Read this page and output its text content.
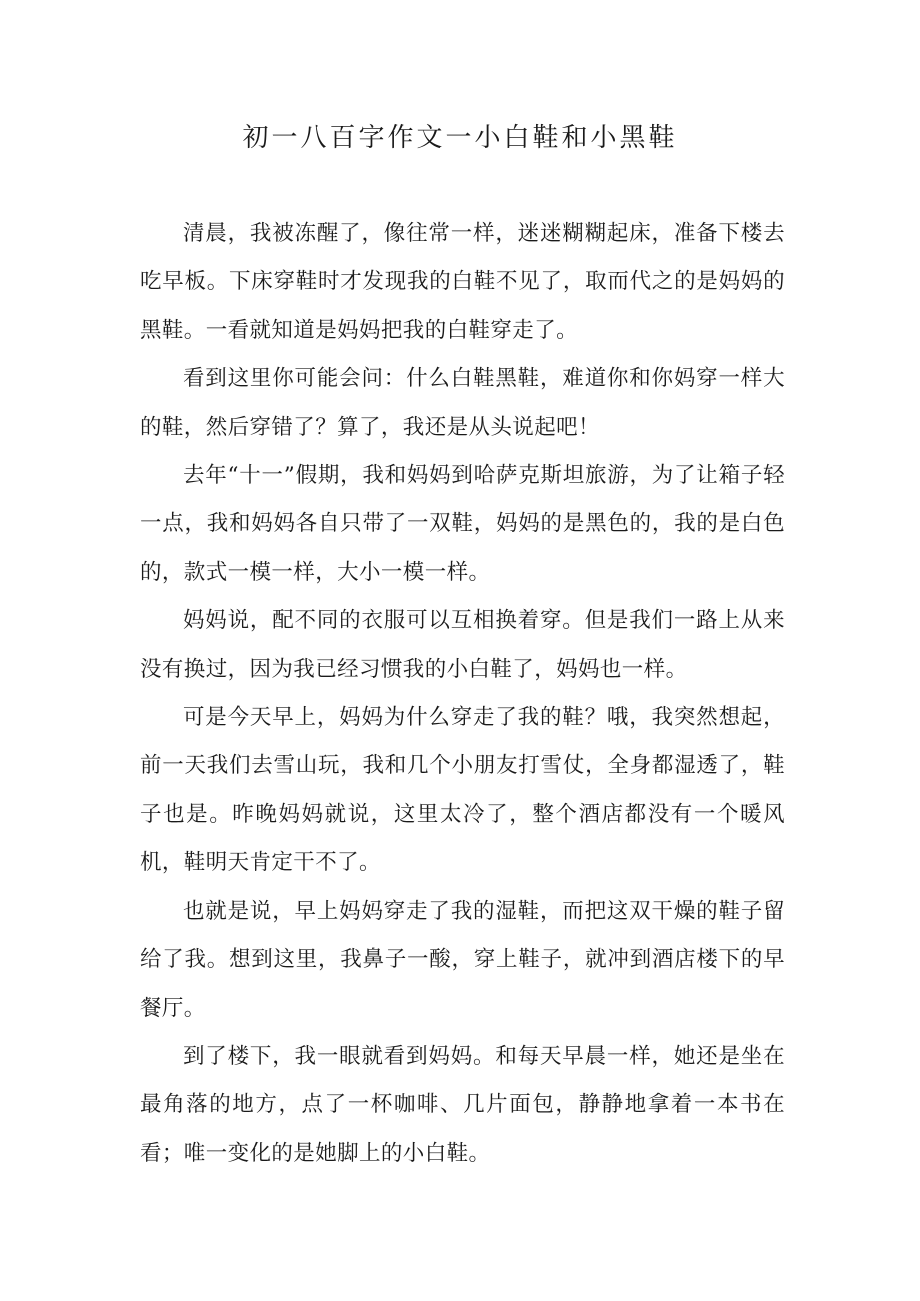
初一八百字作文一小白鞋和小黑鞋

清晨，我被冻醒了，像往常一样，迷迷糊糊起床，准备下楼去吃早板。下床穿鞋时才发现我的白鞋不见了，取而代之的是妈妈的黑鞋。一看就知道是妈妈把我的白鞋穿走了。

看到这里你可能会问：什么白鞋黑鞋，难道你和你妈穿一样大的鞋，然后穿错了？算了，我还是从头说起吧！

去年“十一”假期，我和妈妈到哈萨克斯坦旅游，为了让箱子轻一点，我和妈妈各自只带了一双鞋，妈妈的是黑色的，我的是白色的，款式一模一样，大小一模一样。

妈妈说，配不同的衣服可以互相换着穿。但是我们一路上从来没有换过，因为我已经习惯我的小白鞋了，妈妈也一样。

可是今天早上，妈妈为什么穿走了我的鞋？哦，我突然想起，前一天我们去雪山玩，我和几个小朋友打雪仗，全身都湿透了，鞋子也是。昨晚妈妈就说，这里太冷了，整个酒店都没有一个暖风机，鞋明天肯定干不了。

也就是说，早上妈妈穿走了我的湿鞋，而把这双干燥的鞋子留给了我。想到这里，我鼻子一酸，穿上鞋子，就冲到酒店楼下的早餐厅。

到了楼下，我一眼就看到妈妈。和每天早晨一样，她还是坐在最角落的地方，点了一杯咖啡、几片面包，静静地拿着一本书在看；唯一变化的是她脚上的小白鞋。
